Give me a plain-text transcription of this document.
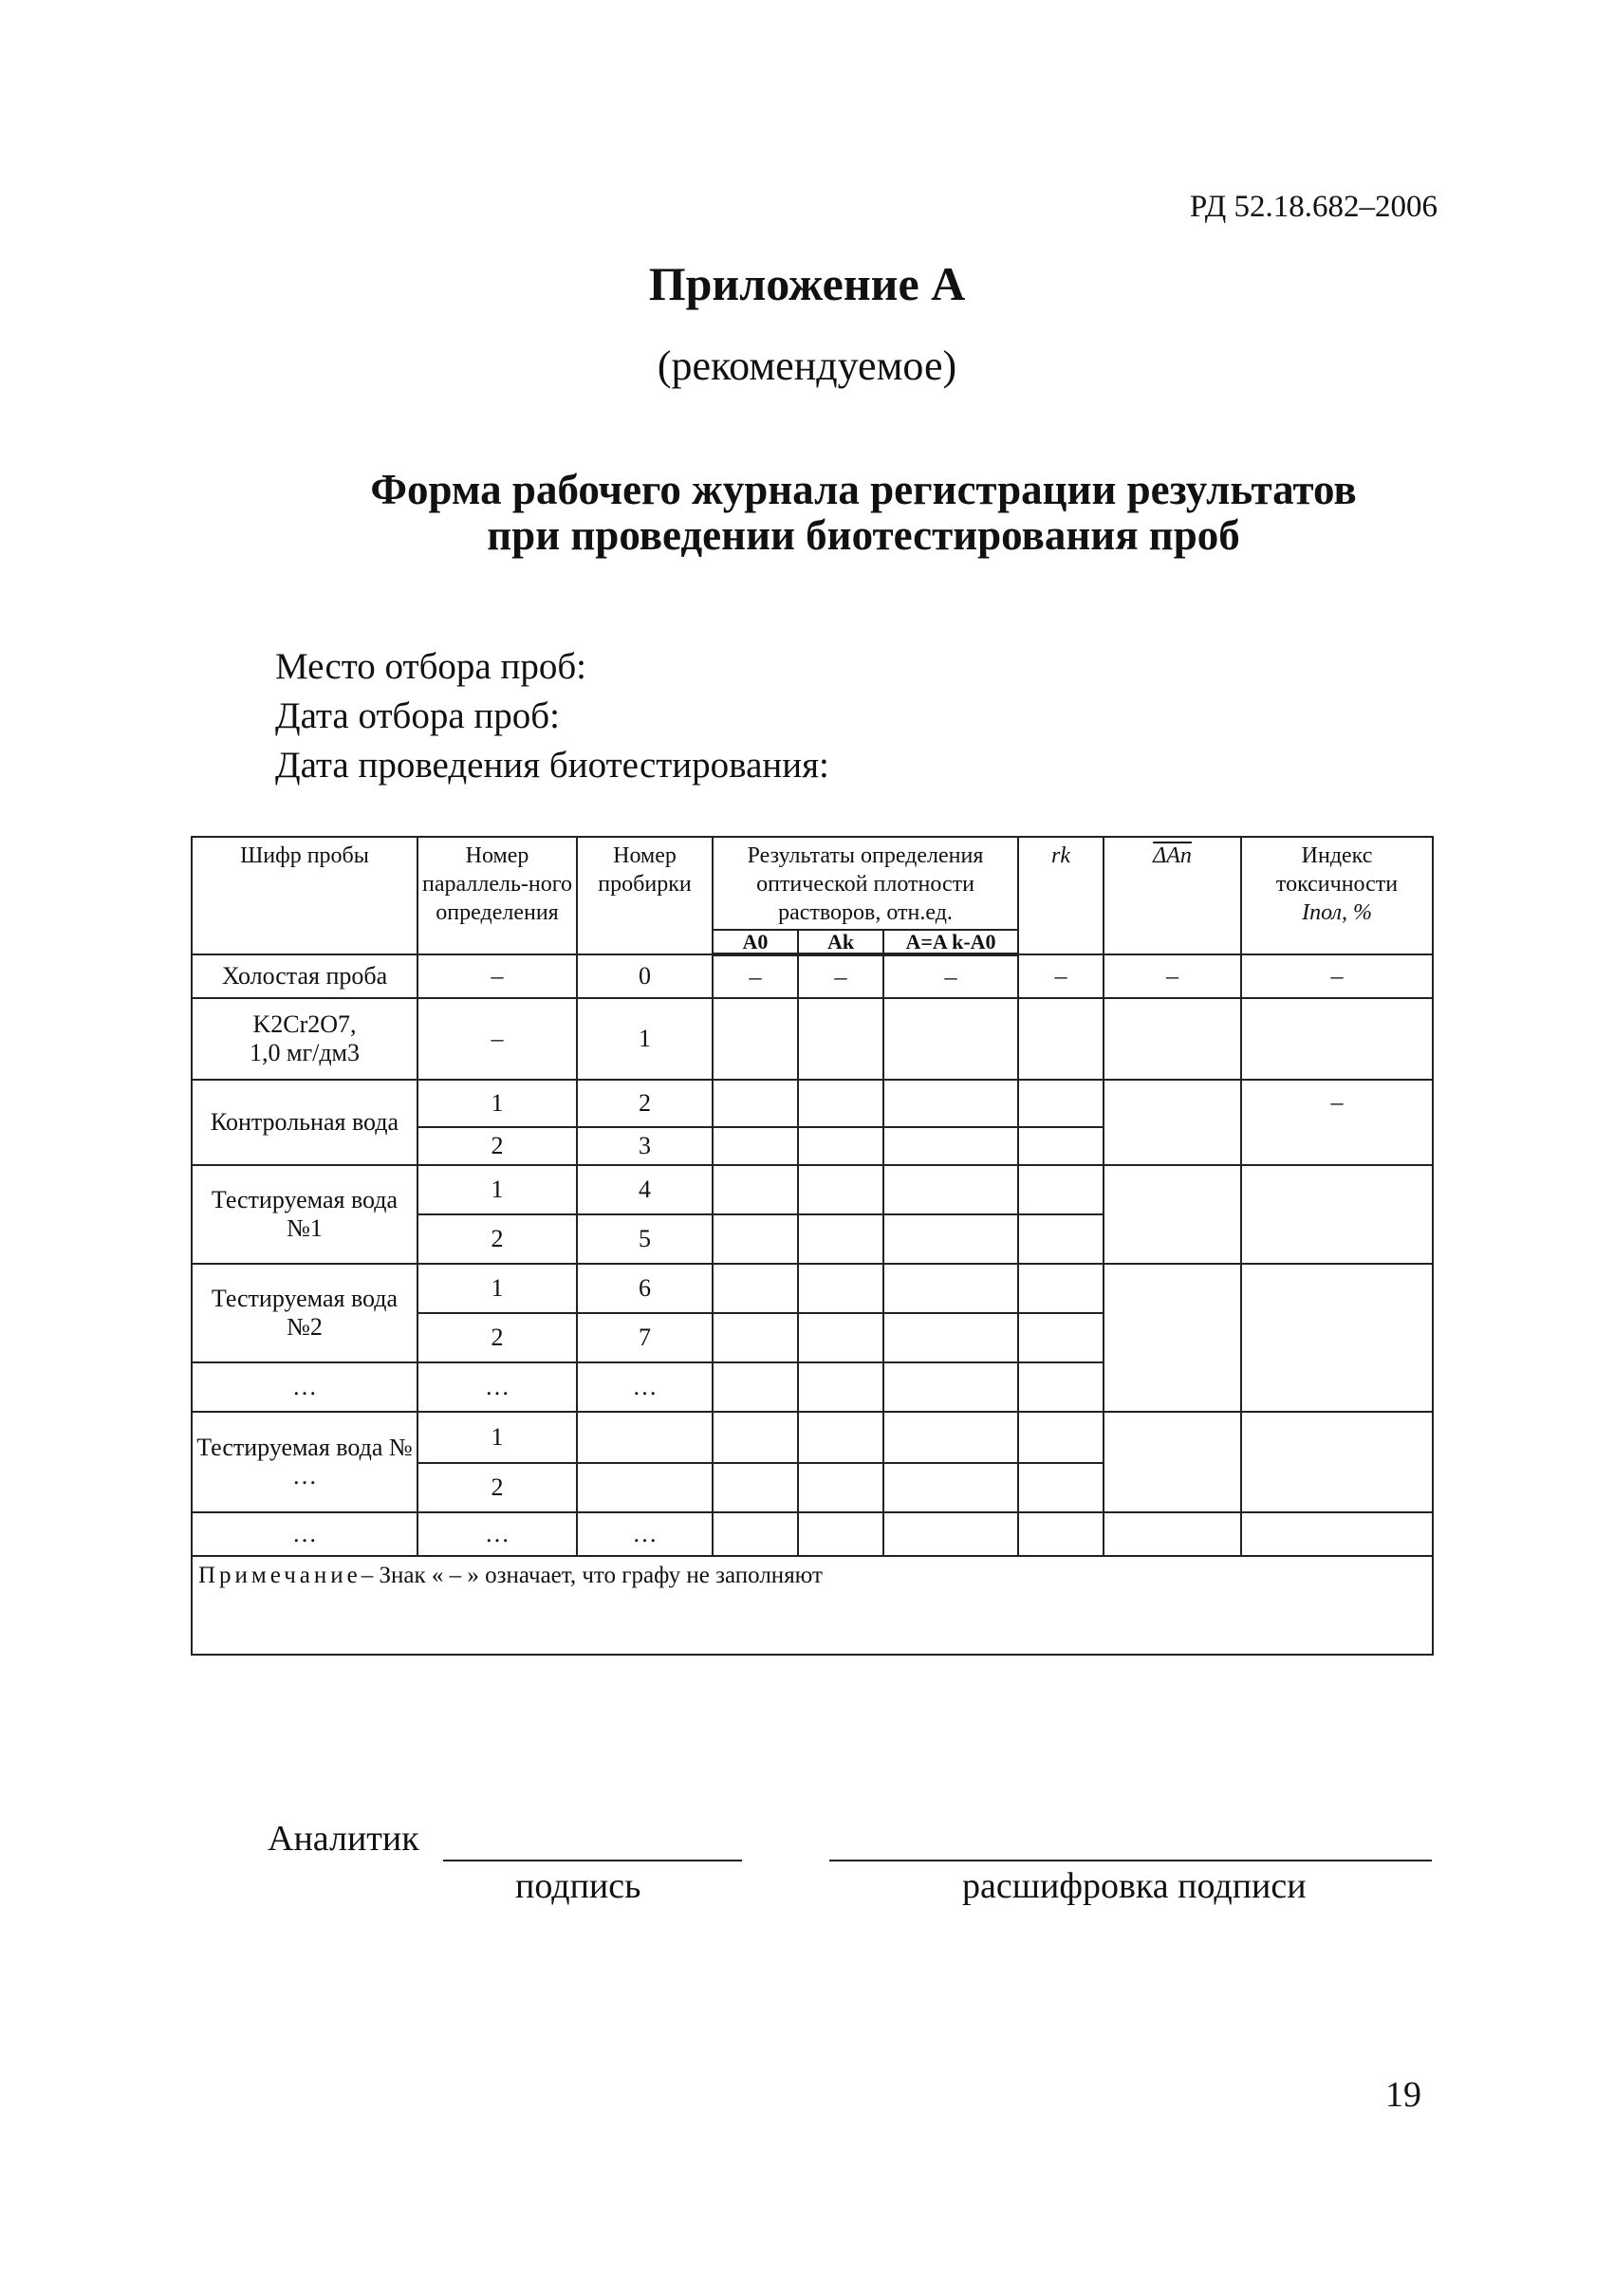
РД 52.18.682–2006
Приложение А
(рекомендуемое)
Форма рабочего журнала регистрации результатов
при проведении биотестирования проб
Место отбора проб:
Дата отбора проб:
Дата проведения биотестирования:
Шифр пробы	Номер параллель-ного определения	Номер пробирки	Результаты определения оптической плотности растворов, отн.ед.			rk	$\overline{\Delta An}$	Индекс токсичности
Iпол, %

			A0	Ak	A=A k-A0			
Холостая проба	–	0	–	–	–	–	–	–

K2Cr2O7,
1,0 мг/дм3	–	1						
Контрольная вода	1	2						–
	2	3						
Тестируемая вода №1	1	4						
	2	5						
Тестируемая вода №2	1	6						
	2	7						
…	…	…						
Тестируемая вода № …	1							
	2							
…	…	…						
Примечание– Знак « – » означает, что графу не заполняют								
Аналитик
подпись	расшифровка подписи
19
